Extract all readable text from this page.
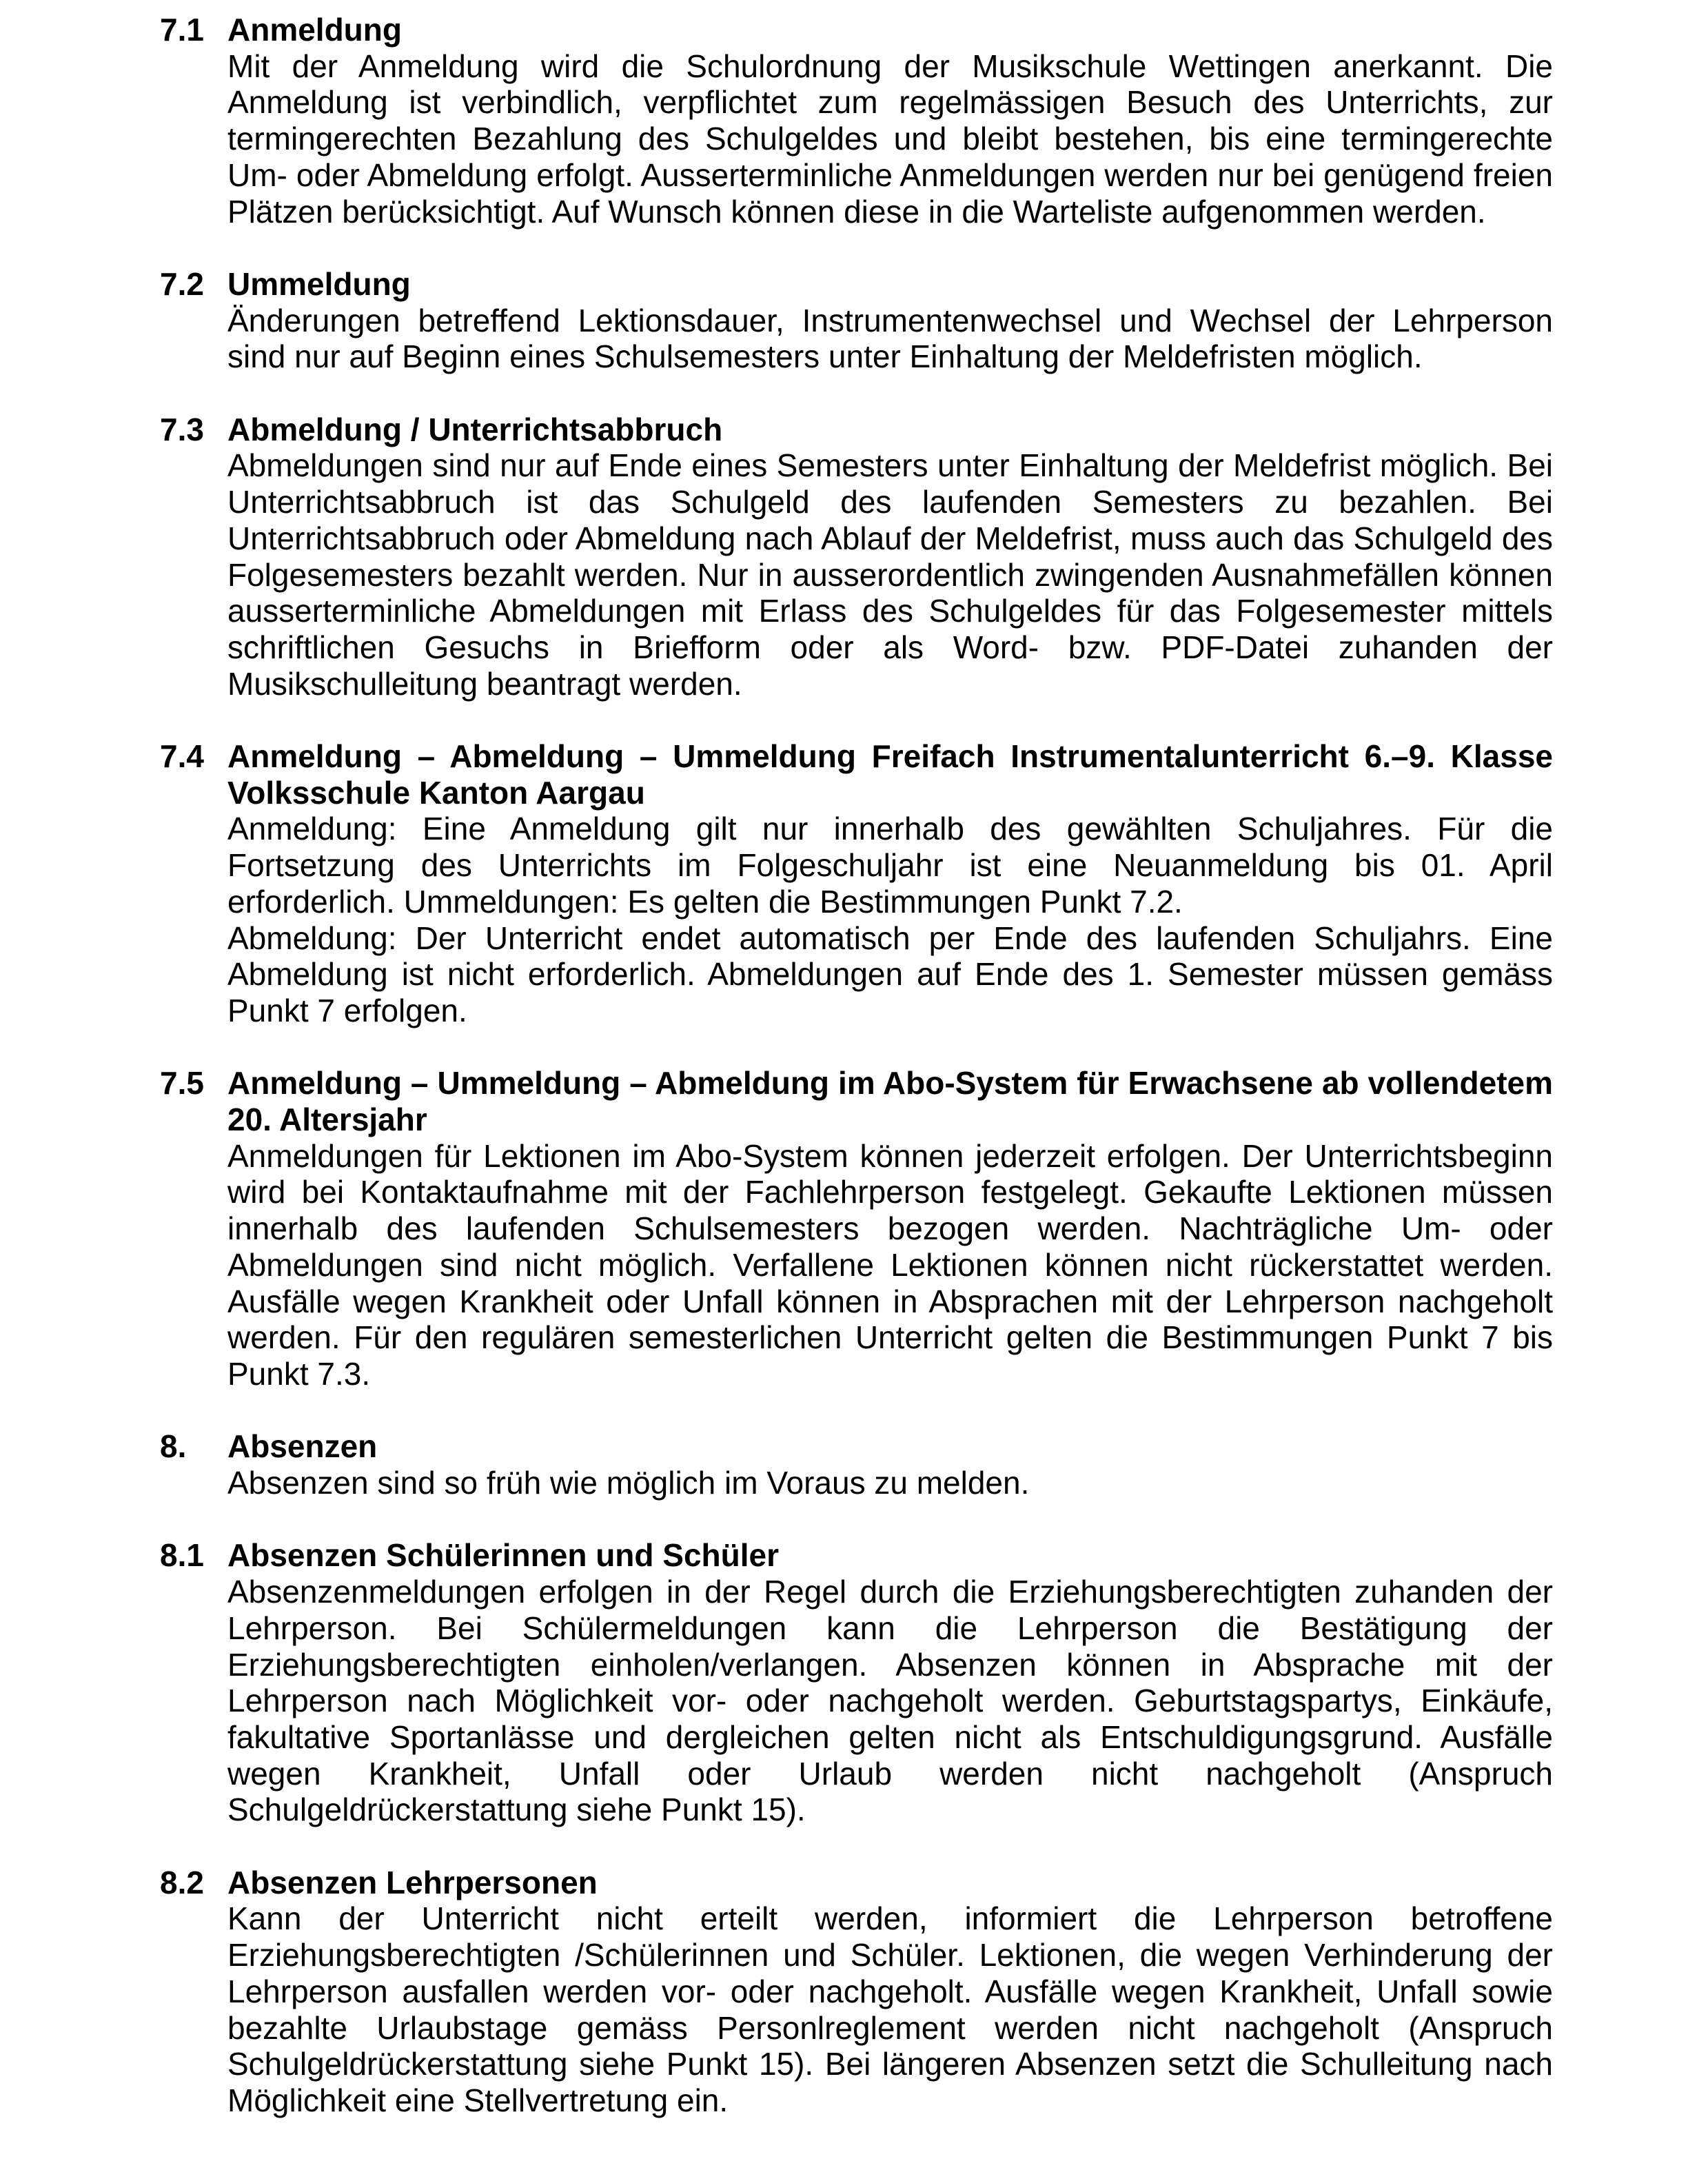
7.1 Anmeldung

Mit der Anmeldung wird die Schulordnung der Musikschule Wettingen anerkannt. Die Anmeldung ist verbindlich, verpflichtet zum regelmässigen Besuch des Unterrichts, zur termingerechten Bezahlung des Schulgeldes und bleibt bestehen, bis eine termingerechte Um- oder Abmeldung erfolgt. Ausserterminliche Anmeldungen werden nur bei genügend freien Plätzen berücksichtigt. Auf Wunsch können diese in die Warteliste aufgenommen werden.

7.2 Ummeldung

Änderungen betreffend Lektionsdauer, Instrumentenwechsel und Wechsel der Lehrperson sind nur auf Beginn eines Schulsemesters unter Einhaltung der Meldefristen möglich.

7.3 Abmeldung / Unterrichtsabbruch

Abmeldungen sind nur auf Ende eines Semesters unter Einhaltung der Meldefrist möglich. Bei Unterrichtsabbruch ist das Schulgeld des laufenden Semesters zu bezahlen. Bei Unterrichtsabbruch oder Abmeldung nach Ablauf der Meldefrist, muss auch das Schulgeld des Folgesemesters bezahlt werden. Nur in ausserordentlich zwingenden Ausnahmefällen können ausserterminliche Abmeldungen mit Erlass des Schulgeldes für das Folgesemester mittels schriftlichen Gesuchs in Briefform oder als Word- bzw. PDF-Datei zuhanden der Musikschulleitung beantragt werden.

7.4 Anmeldung – Abmeldung – Ummeldung Freifach Instrumentalunterricht 6.–9. Klasse Volksschule Kanton Aargau

Anmeldung: Eine Anmeldung gilt nur innerhalb des gewählten Schuljahres. Für die Fortsetzung des Unterrichts im Folgeschuljahr ist eine Neuanmeldung bis 01. April erforderlich. Ummeldungen: Es gelten die Bestimmungen Punkt 7.2.

Abmeldung: Der Unterricht endet automatisch per Ende des laufenden Schuljahrs. Eine Abmeldung ist nicht erforderlich. Abmeldungen auf Ende des 1. Semester müssen gemäss Punkt 7 erfolgen.

7.5 Anmeldung – Ummeldung – Abmeldung im Abo-System für Erwachsene ab vollendetem 20. Altersjahr

Anmeldungen für Lektionen im Abo-System können jederzeit erfolgen. Der Unterrichtsbeginn wird bei Kontaktaufnahme mit der Fachlehrperson festgelegt. Gekaufte Lektionen müssen innerhalb des laufenden Schulsemesters bezogen werden. Nachträgliche Um- oder Abmeldungen sind nicht möglich. Verfallene Lektionen können nicht rückerstattet werden. Ausfälle wegen Krankheit oder Unfall können in Absprachen mit der Lehrperson nachgeholt werden. Für den regulären semesterlichen Unterricht gelten die Bestimmungen Punkt 7 bis Punkt 7.3.

8.	Absenzen

Absenzen sind so früh wie möglich im Voraus zu melden.

8.1 Absenzen Schülerinnen und Schüler

Absenzenmeldungen erfolgen in der Regel durch die Erziehungsberechtigten zuhanden der Lehrperson. Bei Schülermeldungen kann die Lehrperson die Bestätigung der Erziehungsberechtigten einholen/verlangen. Absenzen können in Absprache mit der Lehrperson nach Möglichkeit vor- oder nachgeholt werden. Geburtstagspartys, Einkäufe, fakultative Sportanlässe und dergleichen gelten nicht als Entschuldigungsgrund. Ausfälle wegen Krankheit, Unfall oder Urlaub werden nicht nachgeholt (Anspruch Schulgeldrückerstattung siehe Punkt 15).

8.2 Absenzen Lehrpersonen

Kann der Unterricht nicht erteilt werden, informiert die Lehrperson betroffene Erziehungsberechtigten /Schülerinnen und Schüler. Lektionen, die wegen Verhinderung der Lehrperson ausfallen werden vor- oder nachgeholt. Ausfälle wegen Krankheit, Unfall sowie bezahlte Urlaubstage gemäss Personlreglement werden nicht nachgeholt (Anspruch Schulgeldrückerstattung siehe Punkt 15). Bei längeren Absenzen setzt die Schulleitung nach Möglichkeit eine Stellvertretung ein.
